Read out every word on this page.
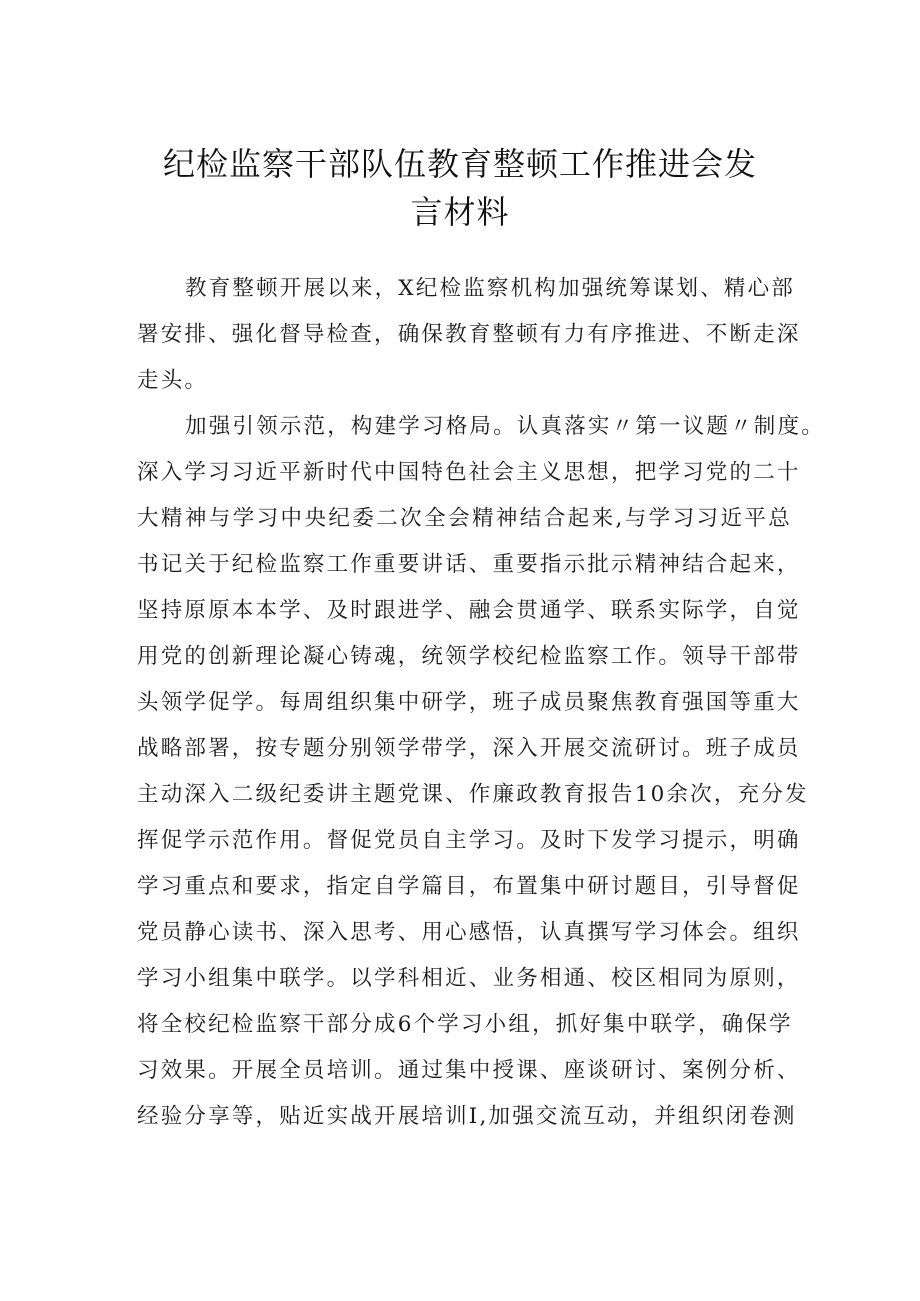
纪检监察干部队伍教育整顿工作推进会发
言材料
教育整顿开展以来，X纪检监察机构加强统筹谋划、精心部
署安排、强化督导检查，确保教育整顿有力有序推进、不断走深
走头。
加强引领示范，构建学习格局。认真落实〃第一议题〃制度。
深入学习习近平新时代中国特色社会主义思想，把学习党的二十
大精神与学习中央纪委二次全会精神结合起来,与学习习近平总
书记关于纪检监察工作重要讲话、重要指示批示精神结合起来，
坚持原原本本学、及时跟进学、融会贯通学、联系实际学，自觉
用党的创新理论凝心铸魂，统领学校纪检监察工作。领导干部带
头领学促学。每周组织集中研学，班子成员聚焦教育强国等重大
战略部署，按专题分别领学带学，深入开展交流研讨。班子成员
主动深入二级纪委讲主题党课、作廉政教育报告10余次，充分发
挥促学示范作用。督促党员自主学习。及时下发学习提示，明确
学习重点和要求，指定自学篇目，布置集中研讨题目，引导督促
党员静心读书、深入思考、用心感悟，认真撰写学习体会。组织
学习小组集中联学。以学科相近、业务相通、校区相同为原则，
将全校纪检监察干部分成6个学习小组，抓好集中联学，确保学
习效果。开展全员培训。通过集中授课、座谈研讨、案例分析、
经验分享等，贴近实战开展培训I,加强交流互动，并组织闭卷测
